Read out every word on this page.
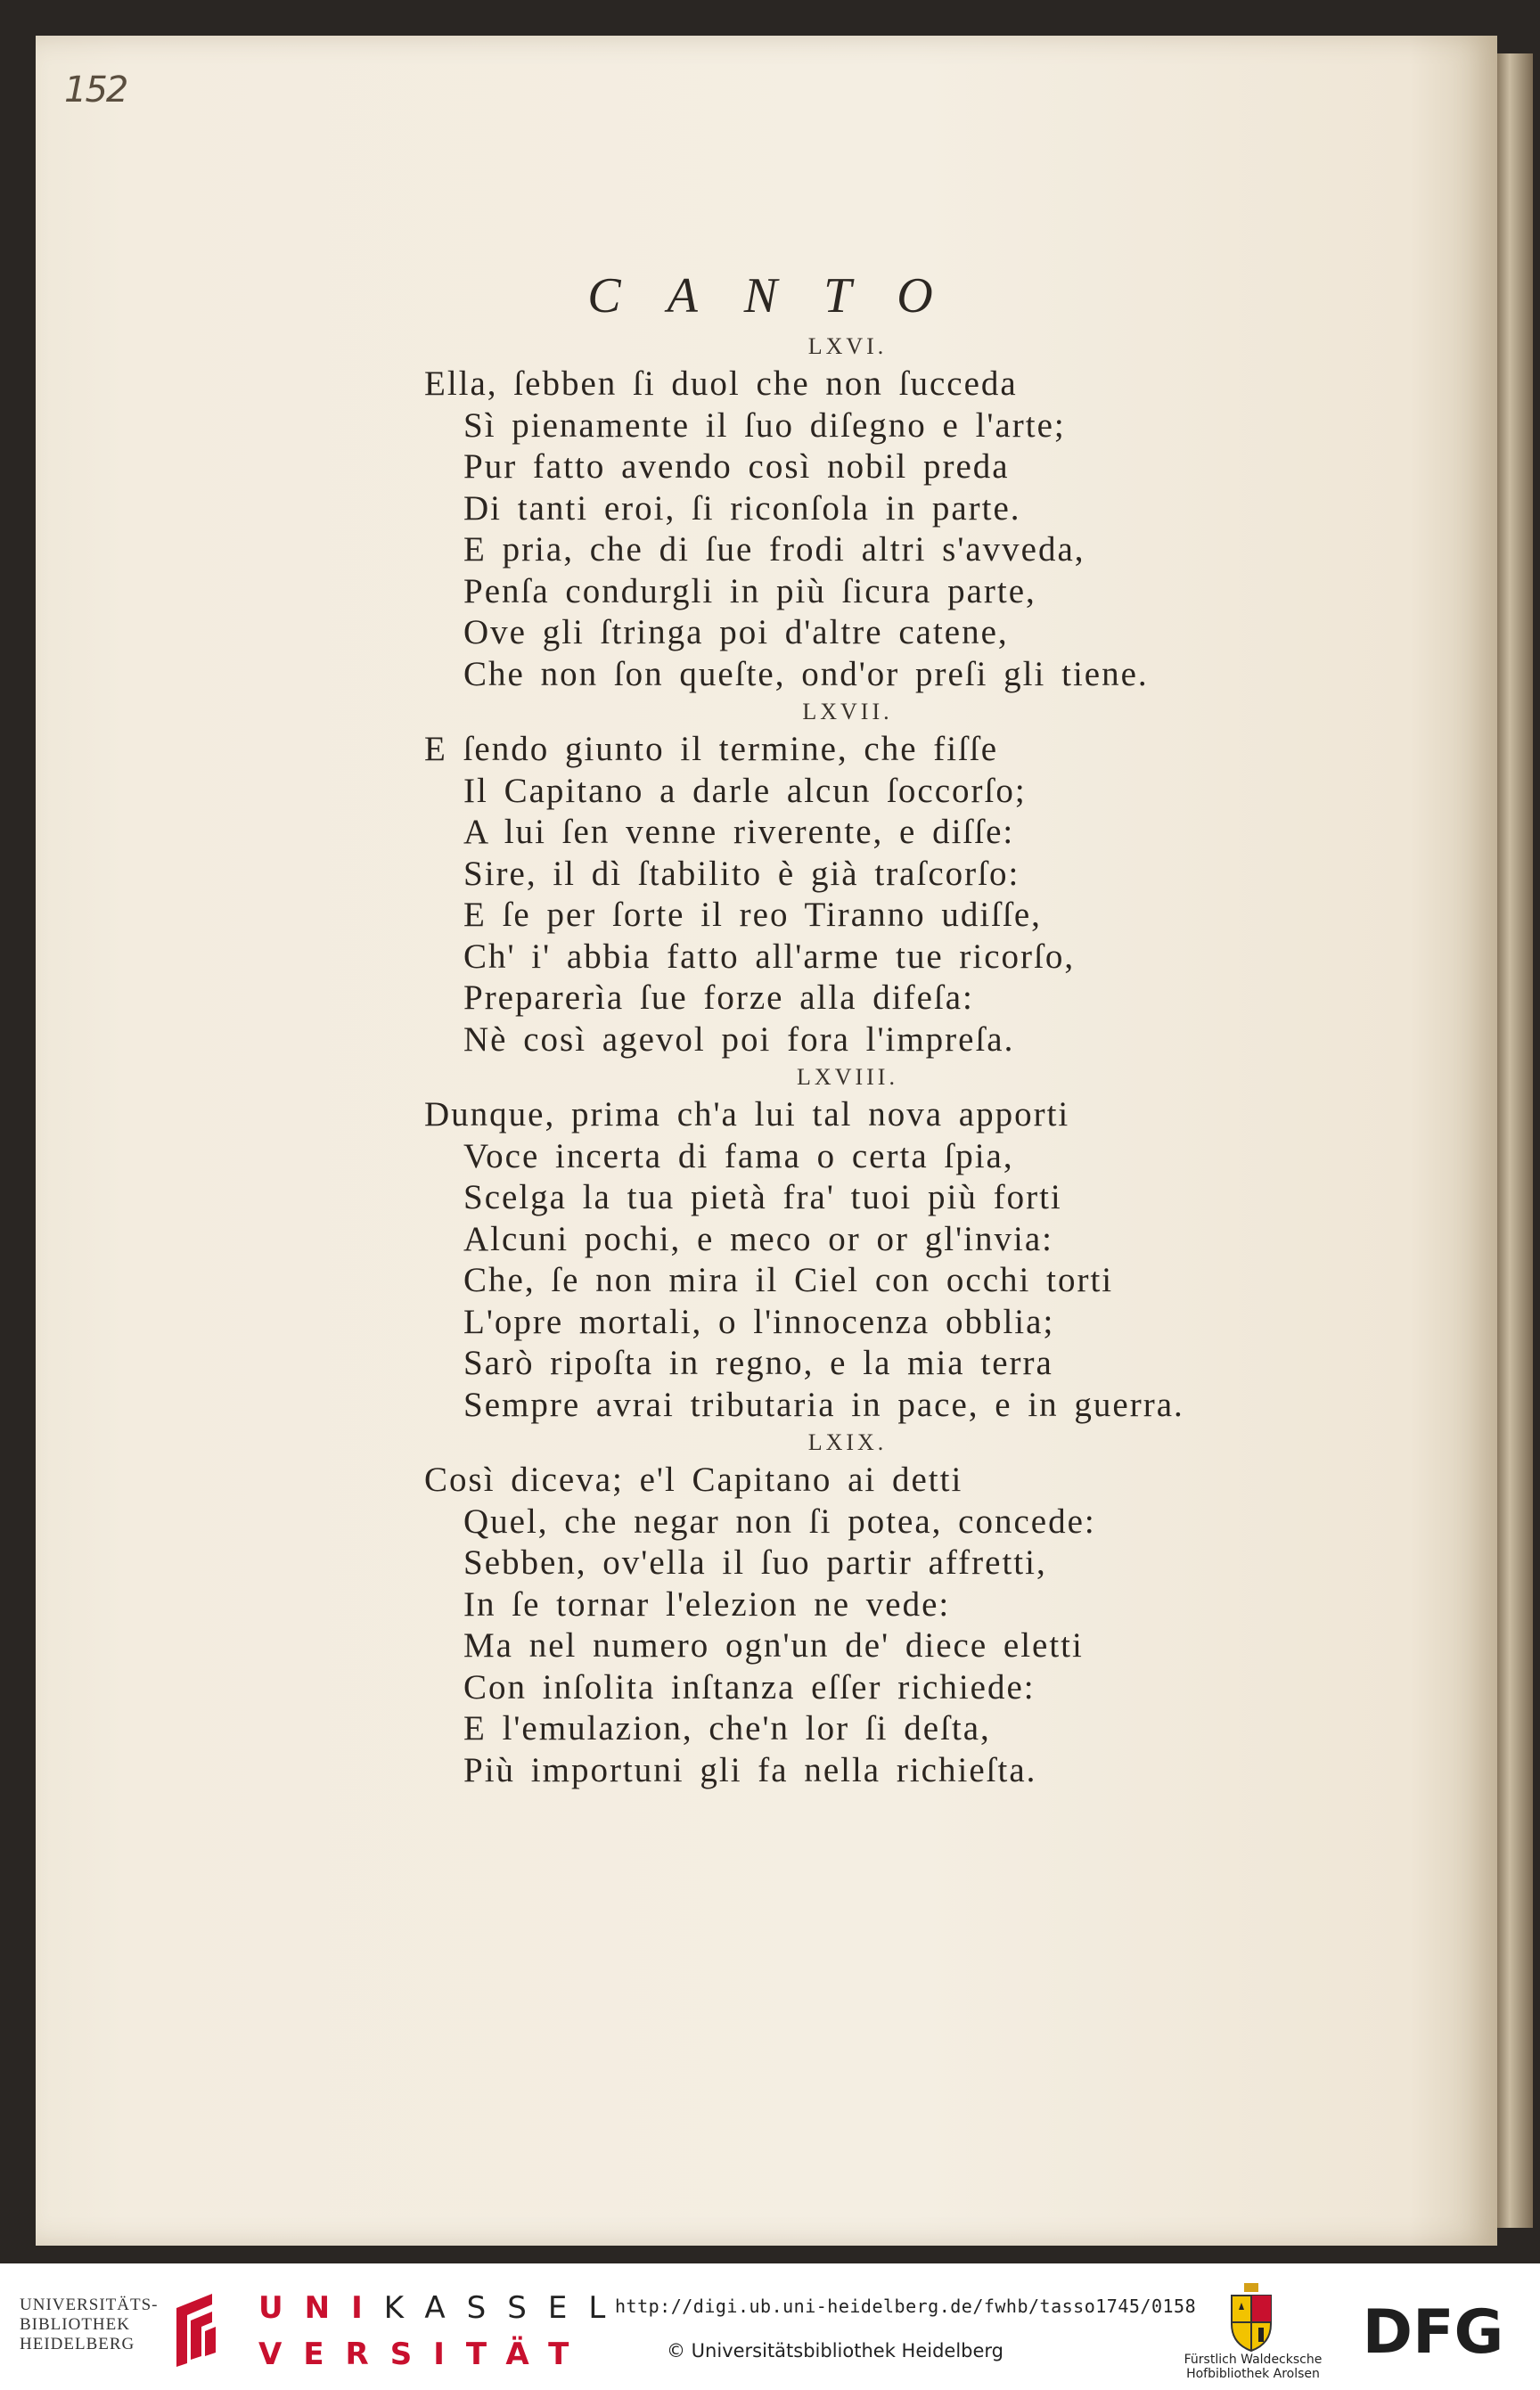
152
CANTO
LXVI.
Ella, ſebben ſi duol che non ſucceda
Sì pienamente il ſuo diſegno e l'arte;
Pur fatto avendo così nobil preda
Di tanti eroi, ſi riconſola in parte.
E pria, che di ſue frodi altri s'avveda,
Penſa condurgli in più ſicura parte,
Ove gli ſtringa poi d'altre catene,
Che non ſon queſte, ond'or preſi gli tiene.
LXVII.
E ſendo giunto il termine, che fiſſe
Il Capitano a darle alcun ſoccorſo;
A lui ſen venne riverente, e diſſe:
Sire, il dì ſtabilito è già traſcorſo:
E ſe per ſorte il reo Tiranno udiſſe,
Ch' i' abbia fatto all'arme tue ricorſo,
Preparerìa ſue forze alla difeſa:
Nè così agevol poi fora l'impreſa.
LXVIII.
Dunque, prima ch'a lui tal nova apporti
Voce incerta di fama o certa ſpia,
Scelga la tua pietà fra' tuoi più forti
Alcuni pochi, e meco or or gl'invia:
Che, ſe non mira il Ciel con occhi torti
L'opre mortali, o l'innocenza obblia;
Sarò ripoſta in regno, e la mia terra
Sempre avrai tributaria in pace, e in guerra.
LXIX.
Così diceva; e'l Capitano ai detti
Quel, che negar non ſi potea, concede:
Sebben, ov'ella il ſuo partir affretti,
In ſe tornar l'elezion ne vede:
Ma nel numero ogn'un de' diece eletti
Con inſolita inſtanza eſſer richiede:
E l'emulazion, che'n lor ſi deſta,
Più importuni gli fa nella richieſta.
UNIVERSITÄTS-
BIBLIOTHEK
HEIDELBERG
UNIKASSEL
VERSITÄT
http://digi.ub.uni-heidelberg.de/fwhb/tasso1745/0158
© Universitätsbibliothek Heidelberg	Fürstlich Waldecksche
Hofbibliothek Arolsen
DFG
